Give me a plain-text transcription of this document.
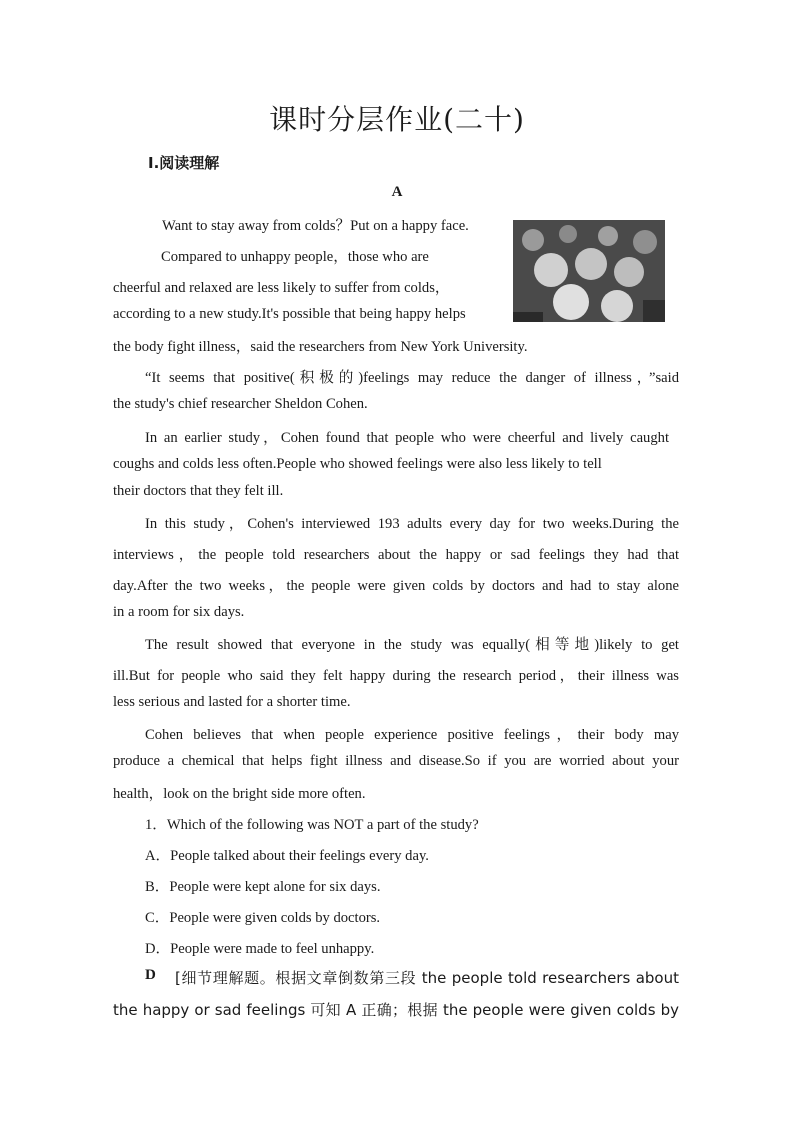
课时分层作业(二十)
Ⅰ.阅读理解
A
Want to stay away from colds？Put on a happy face.
Compared to unhappy people，those who are
cheerful and relaxed are less likely to suffer from colds，
according to a new study.It's possible that being happy helps
the body fight illness，said the researchers from New York University.
“It seems that positive(积极的)feelings may reduce the danger of illness，”said
the study's chief researcher Sheldon Cohen.
In an earlier study，Cohen found that people who were cheerful and lively caught
coughs and colds less often.People who showed feelings were also less likely to tell
their doctors that they felt ill.
In this study，Cohen's interviewed 193 adults every day for two weeks.During the
interviews，the people told researchers about the happy or sad feelings they had that
day.After the two weeks，the people were given colds by doctors and had to stay alone
in a room for six days.
The result showed that everyone in the study was equally(相等地)likely to get
ill.But for people who said they felt happy during the research period，their illness was
less serious and lasted for a shorter time.
Cohen believes that when people experience positive feelings，their body may
produce a chemical that helps fight illness and disease.So if you are worried about your
health，look on the bright side more often.
1．Which of the following was NOT a part of the study?
A．People talked about their feelings every day.
B．People were kept alone for six days.
C．People were given colds by doctors.
D．People were made to feel unhappy.
D [细节理解题。根据文章倒数第三段 the people told researchers about
the happy or sad feelings 可知 A 正确；根据 the people were given colds by
